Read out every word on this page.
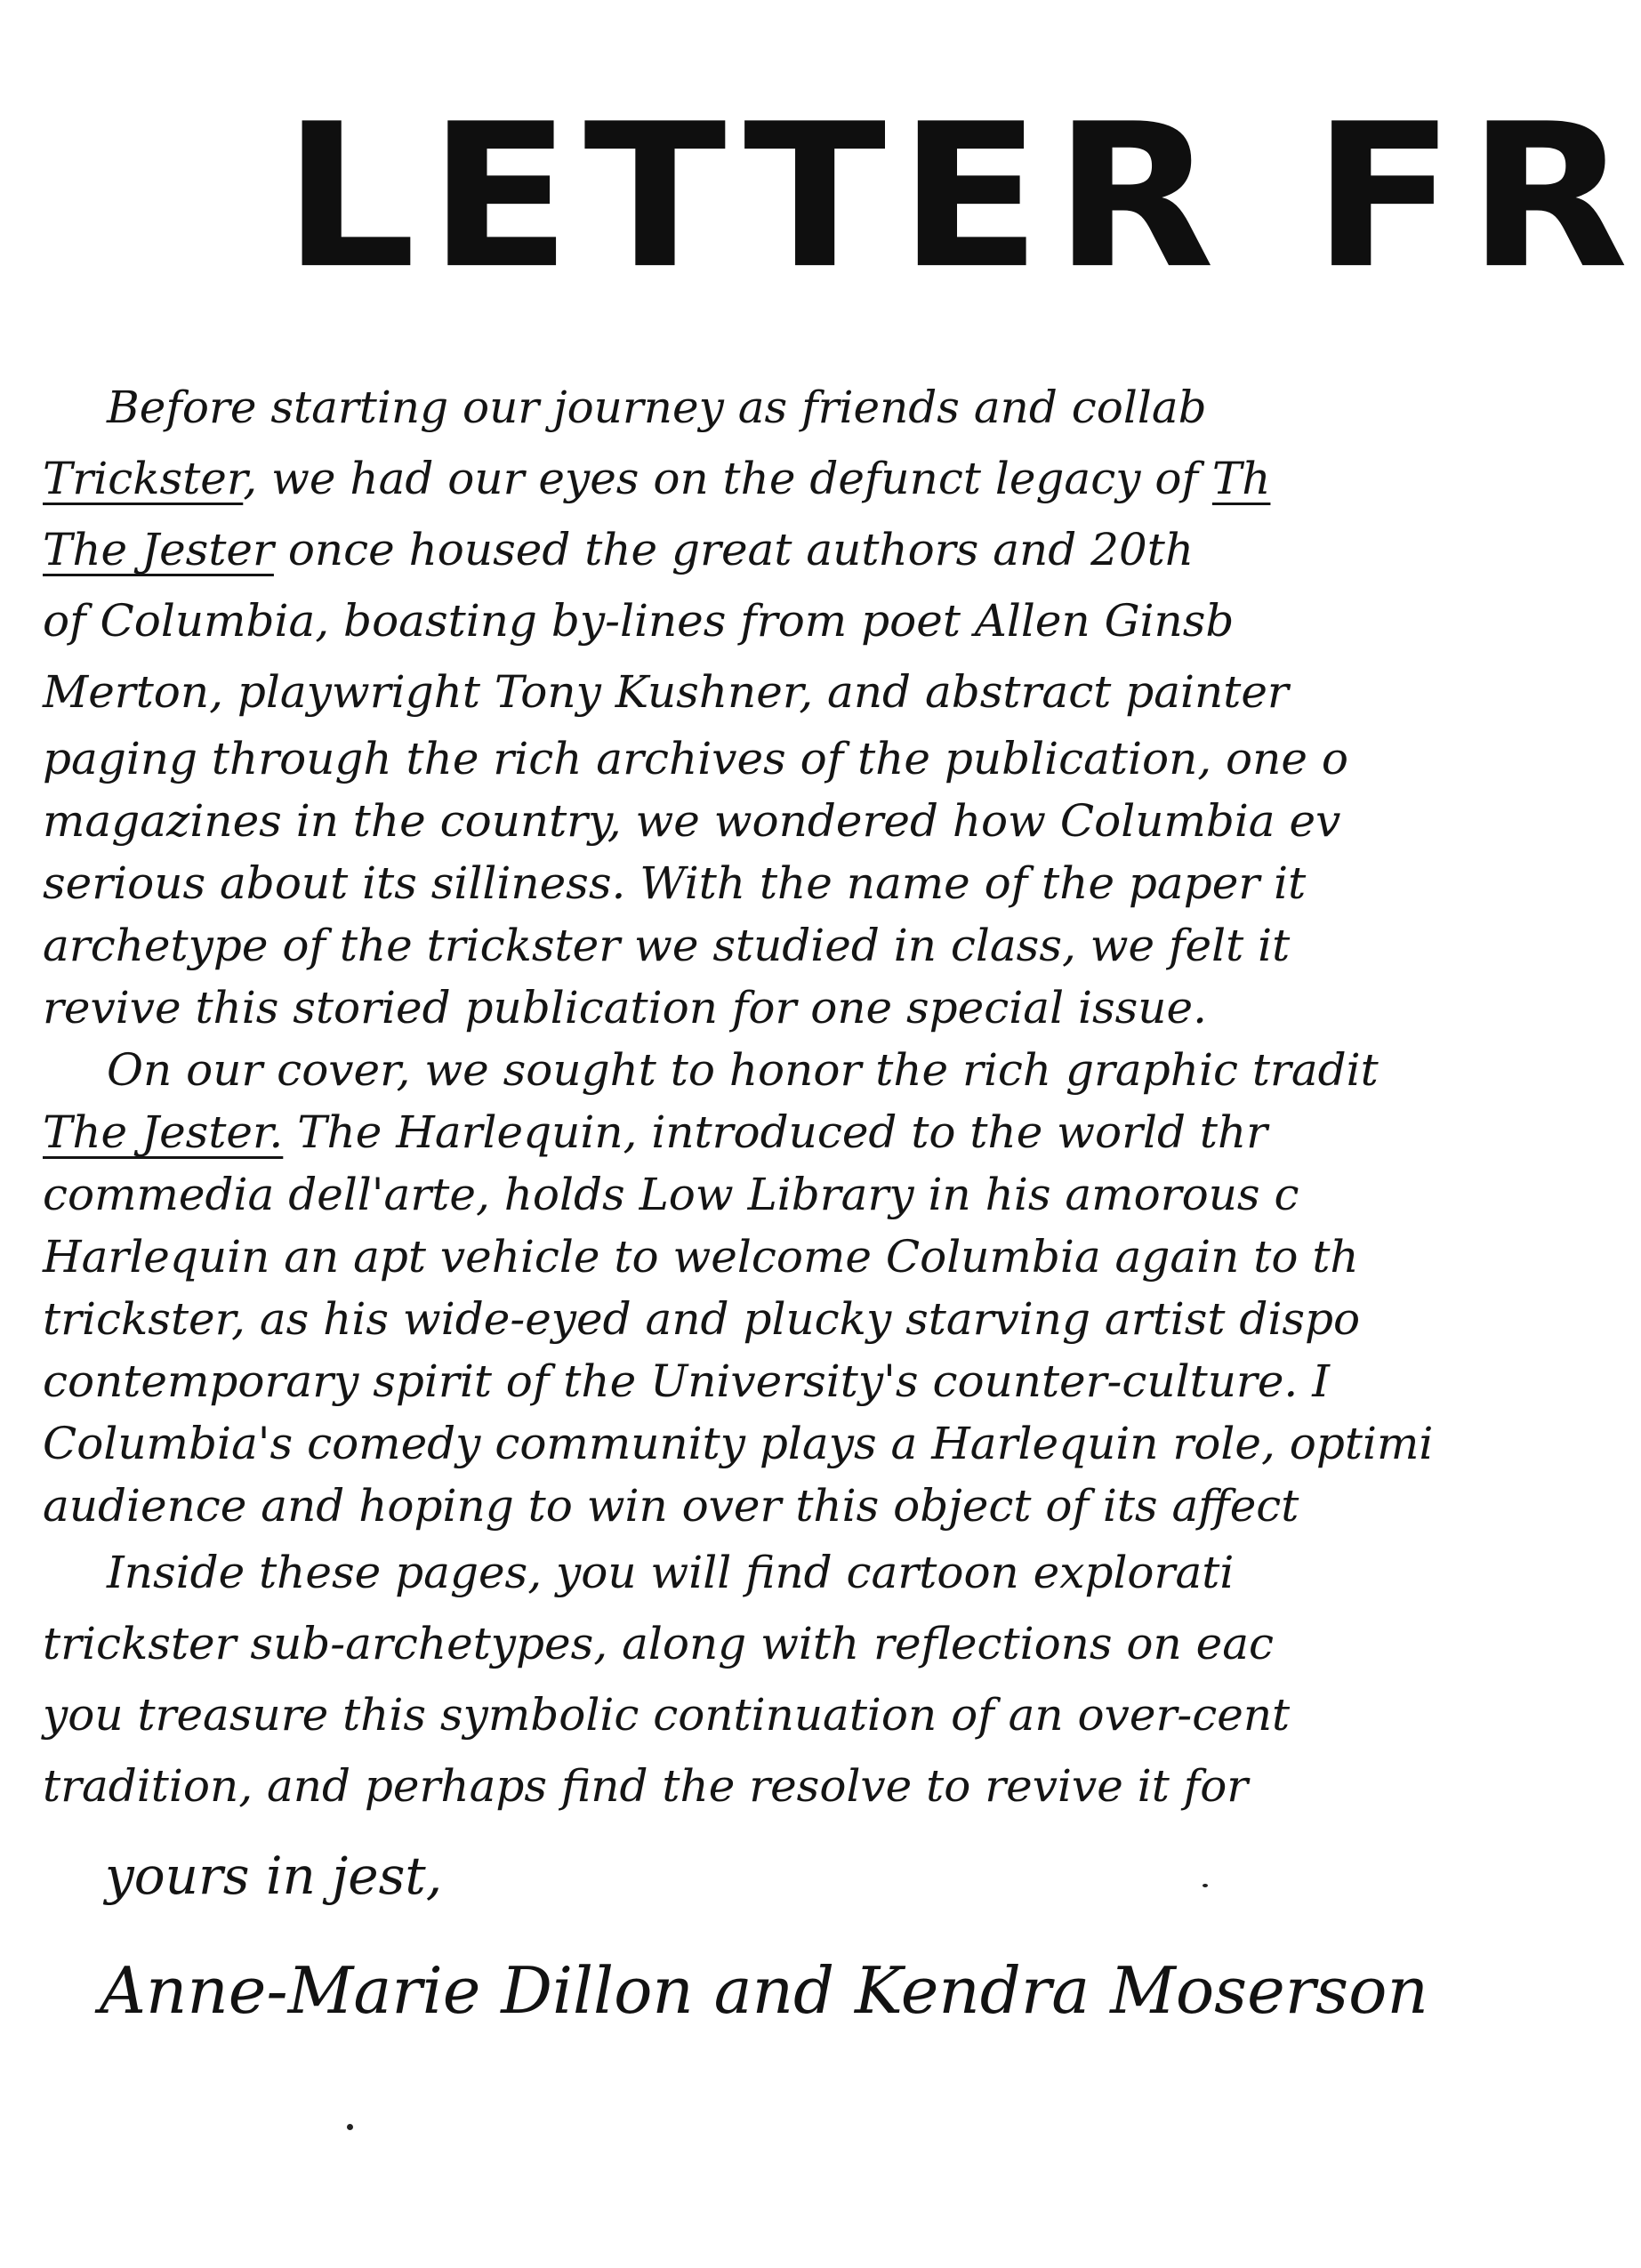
LETTER FR
Before starting our journey as friends and collab
Trickster, we had our eyes on the defunct legacy of Th
The Jester once housed the great authors and 20th
of Columbia, boasting by-lines from poet Allen Ginsb
Merton, playwright Tony Kushner, and abstract painter
paging through the rich archives of the publication, one o
magazines in the country, we wondered how Columbia ev
serious about its silliness. With the name of the paper it
archetype of the trickster we studied in class, we felt it
revive this storied publication for one special issue.
On our cover, we sought to honor the rich graphic tradit
The Jester. The Harlequin, introduced to the world thr
commedia dell'arte, holds Low Library in his amorous c
Harlequin an apt vehicle to welcome Columbia again to th
trickster, as his wide-eyed and plucky starving artist dispo
contemporary spirit of the University's counter-culture. I
Columbia's comedy community plays a Harlequin role, optimi
audience and hoping to win over this object of its affect
Inside these pages, you will find cartoon explorati
trickster sub-archetypes, along with reflections on eac
you treasure this symbolic continuation of an over-cent
tradition, and perhaps find the resolve to revive it for
yours in jest,
Anne-Marie Dillon and Kendra Moserson
